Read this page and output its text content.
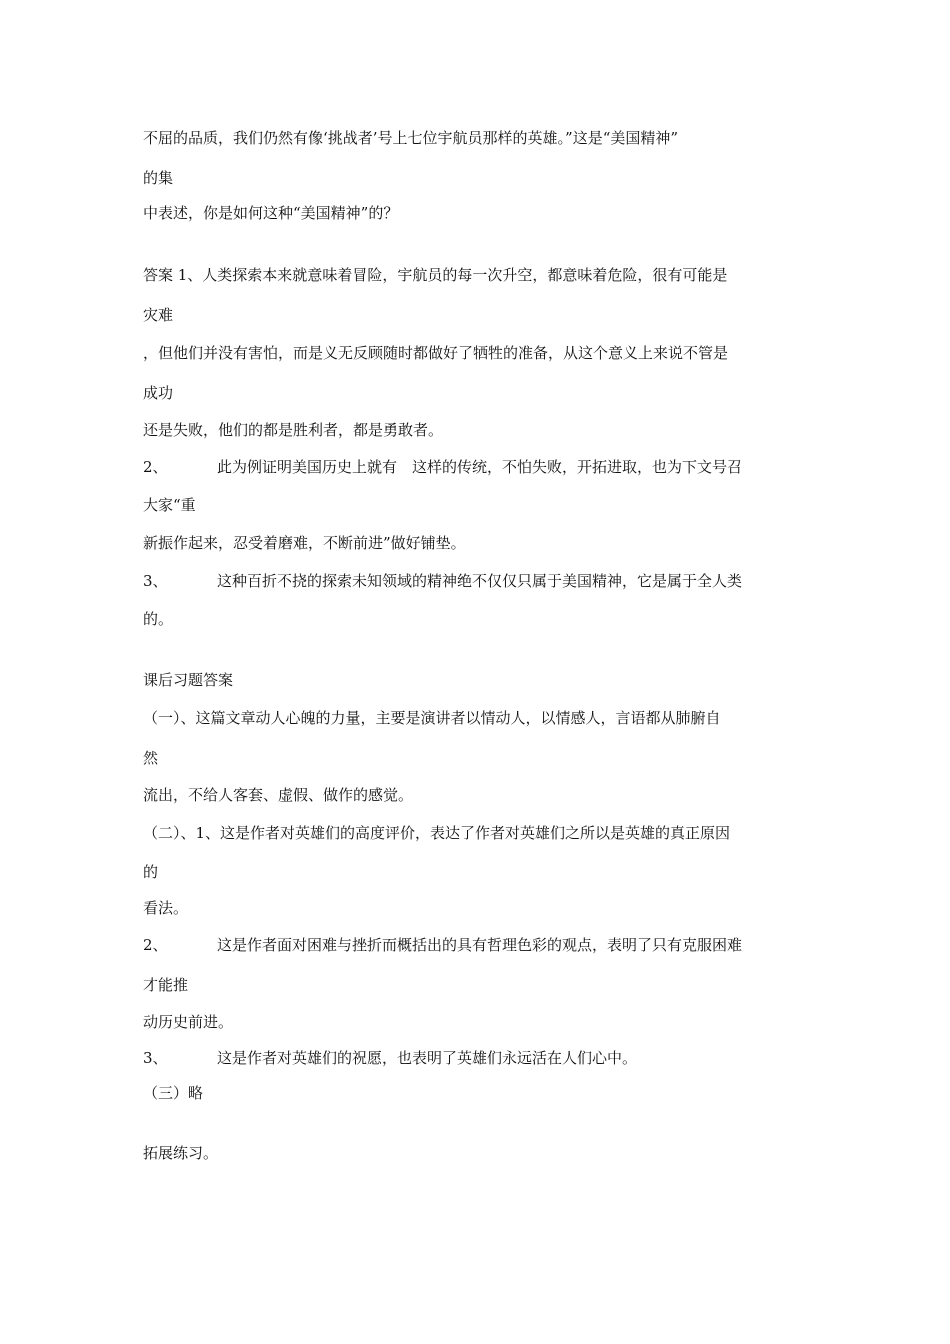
不屈的品质，我们仍然有像‘挑战者’号上七位宇航员那样的英雄。”这是“美国精神”

的集

中表述，你是如何这种“美国精神”的？

答案 1、人类探索本来就意味着冒险，宇航员的每一次升空，都意味着危险，很有可能是

灾难

，但他们并没有害怕，而是义无反顾随时都做好了牺牲的准备，从这个意义上来说不管是

成功

还是失败，他们的都是胜利者，都是勇敢者。

2、	此为例证明美国历史上就有　这样的传统，不怕失败，开拓进取，也为下文号召

大家“重

新振作起来，忍受着磨难，不断前进”做好铺垫。

3、	这种百折不挠的探索未知领域的精神绝不仅仅只属于美国精神，它是属于全人类

的。

课后习题答案

（一）、这篇文章动人心魄的力量，主要是演讲者以情动人，以情感人，言语都从肺腑自

然

流出，不给人客套、虚假、做作的感觉。

（二）、1、这是作者对英雄们的高度评价，表达了作者对英雄们之所以是英雄的真正原因

的

看法。

2、	这是作者面对困难与挫折而概括出的具有哲理色彩的观点，表明了只有克服困难

才能推

动历史前进。

3、	这是作者对英雄们的祝愿，也表明了英雄们永远活在人们心中。

（三）略

拓展练习。
